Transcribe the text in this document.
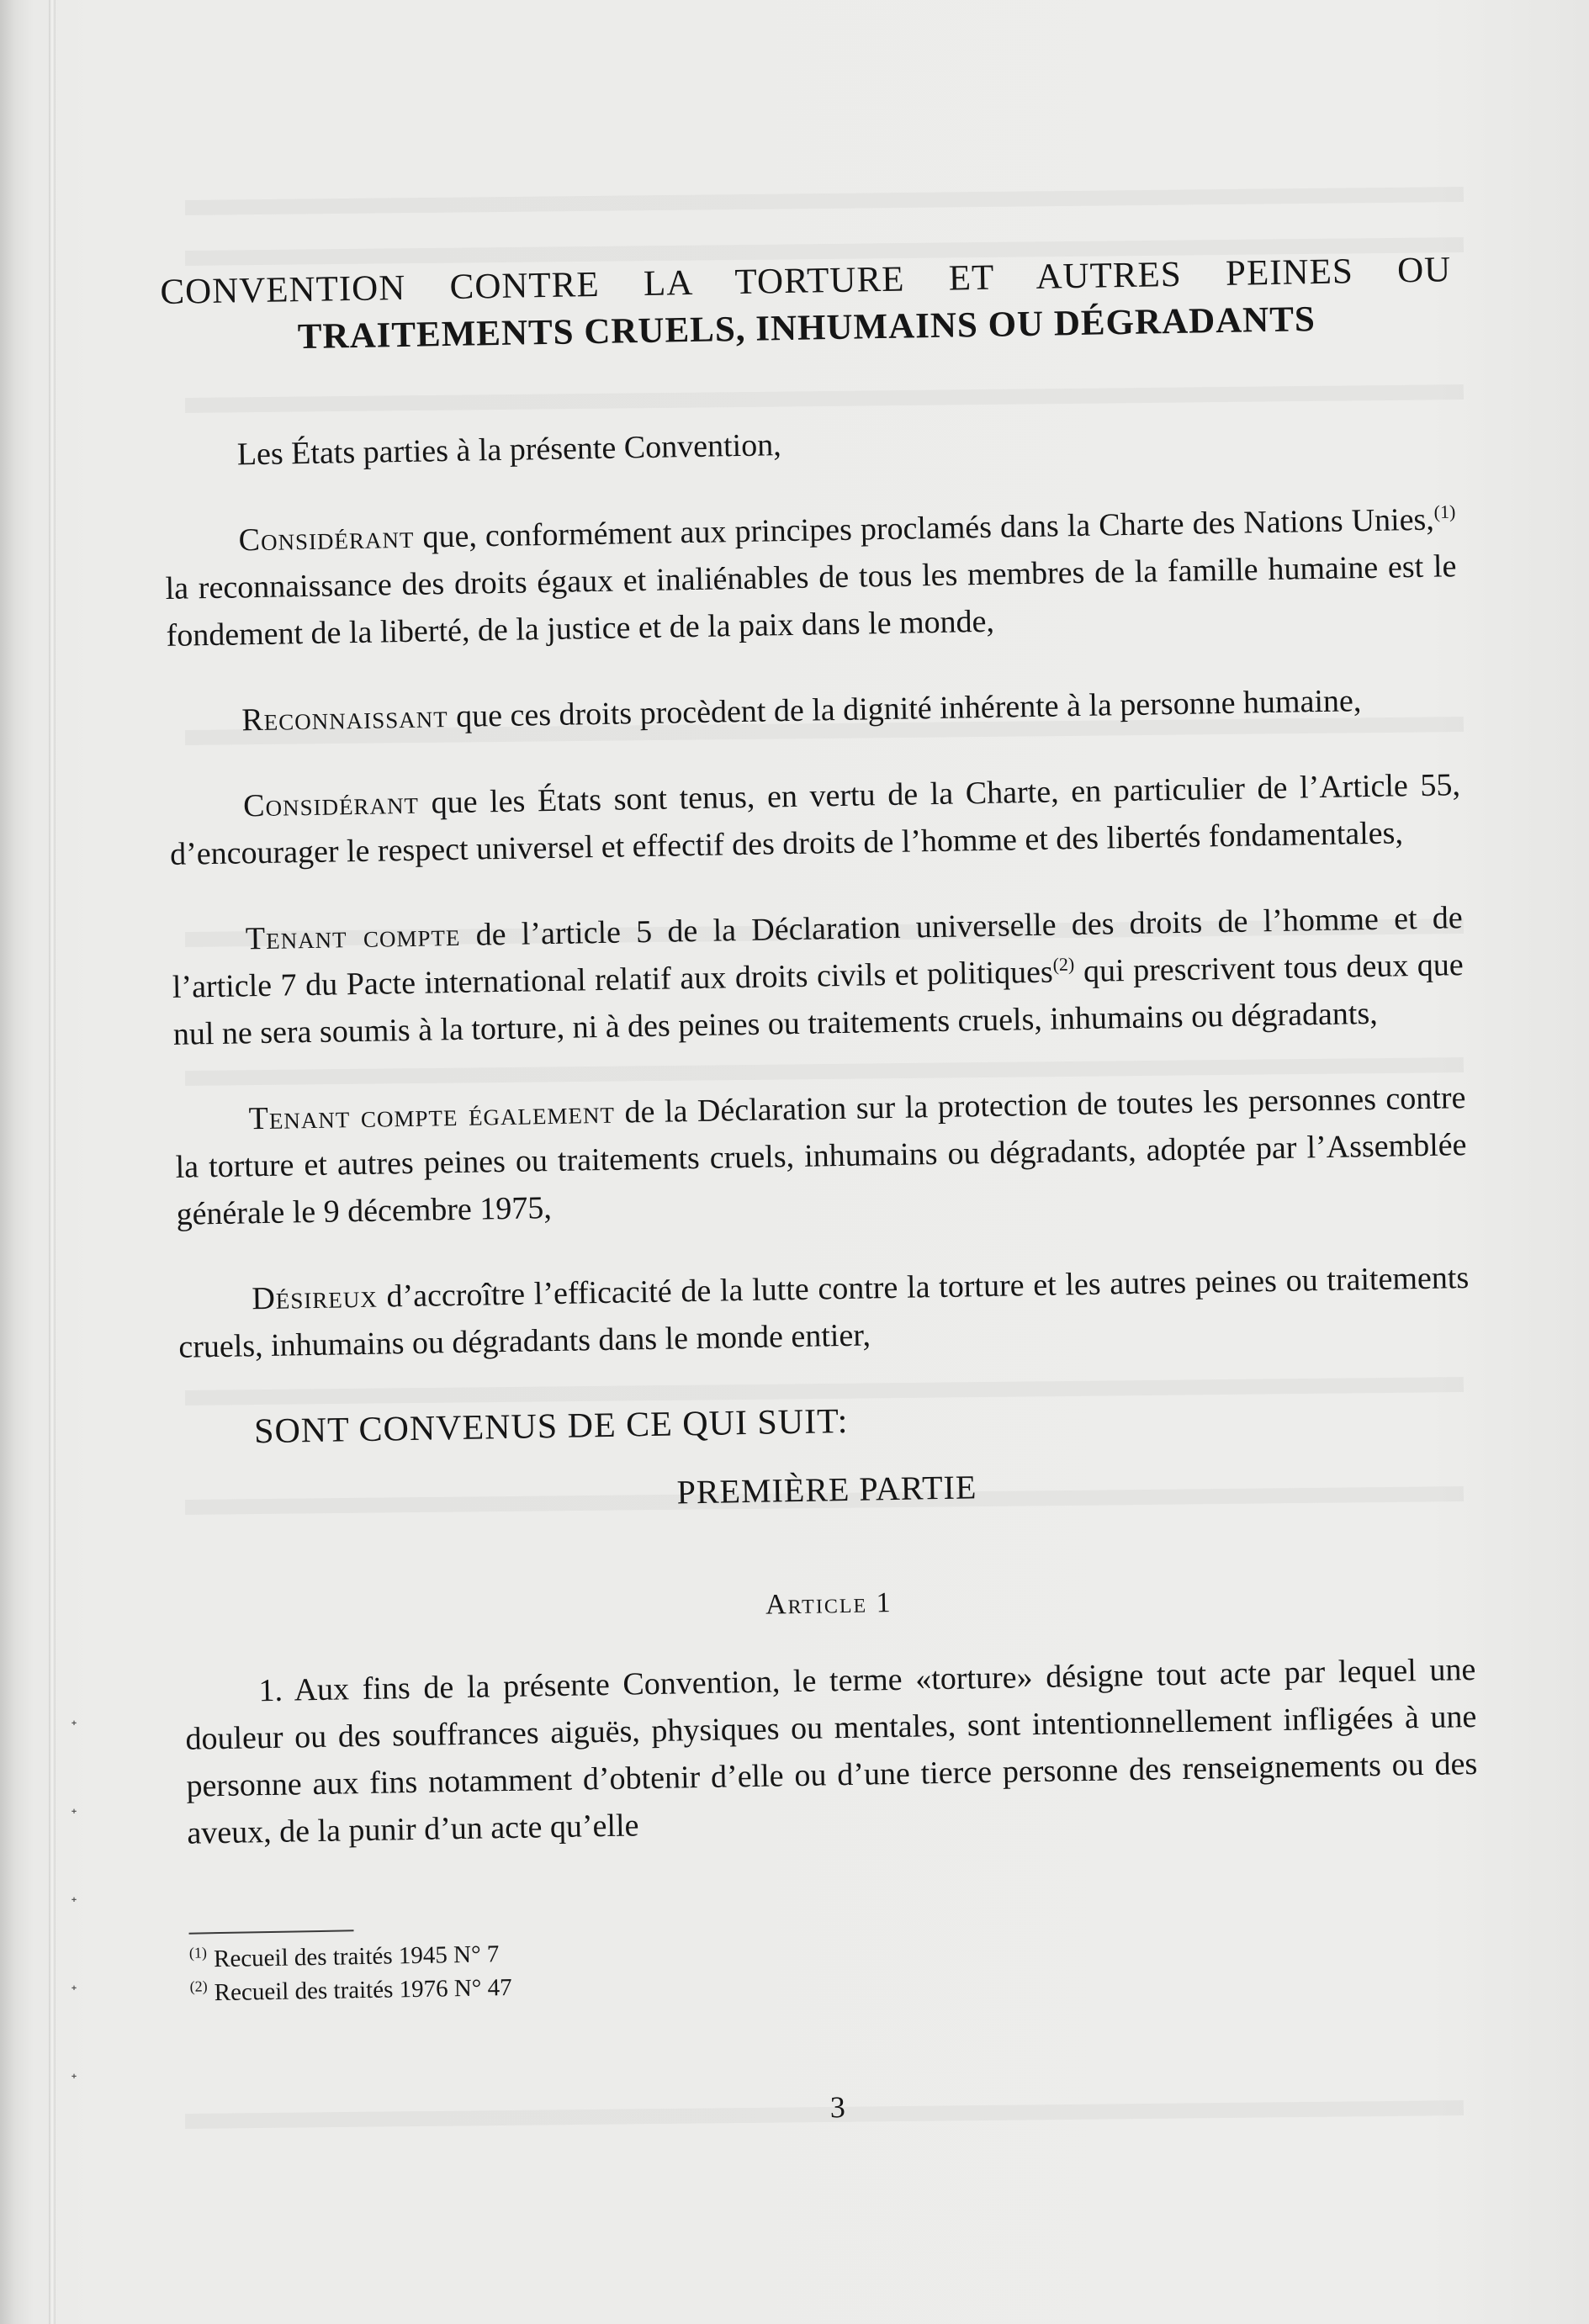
ᐩ
ᐩ
ᐩ
ᐩ
ᐩ
CONVENTION CONTRE LA TORTURE ET AUTRES PEINES OU
TRAITEMENTS CRUELS, INHUMAINS OU DÉGRADANTS

Les États parties à la présente Convention,

Considérant que, conformément aux principes proclamés dans la Charte des Nations Unies,$^{(1)}$ la reconnaissance des droits égaux et inaliénables de tous les membres de la famille humaine est le fondement de la liberté, de la justice et de la paix dans le monde,

Reconnaissant que ces droits procèdent de la dignité inhérente à la personne humaine,

Considérant que les États sont tenus, en vertu de la Charte, en particulier de l’Article 55, d’encourager le respect universel et effectif des droits de l’homme et des libertés fondamentales,

Tenant compte de l’article 5 de la Déclaration universelle des droits de l’homme et de l’article 7 du Pacte international relatif aux droits civils et politiques$^{(2)}$ qui prescrivent tous deux que nul ne sera soumis à la torture, ni à des peines ou traitements cruels, inhumains ou dégradants,

Tenant compte également de la Déclaration sur la protection de toutes les personnes contre la torture et autres peines ou traitements cruels, inhumains ou dégradants, adoptée par l’Assemblée générale le 9 décembre 1975,

Désireux d’accroître l’efficacité de la lutte contre la torture et les autres peines ou traitements cruels, inhumains ou dégradants dans le monde entier,

SONT CONVENUS DE CE QUI SUIT:

PREMIÈRE PARTIE

Article 1

1. Aux fins de la présente Convention, le terme «torture» désigne tout acte par lequel une douleur ou des souffrances aiguës, physiques ou mentales, sont intentionnellement infligées à une personne aux fins notamment d’obtenir d’elle ou d’une tierce personne des renseignements ou des aveux, de la punir d’un acte qu’elle

$^{(1)}$ Recueil des traités 1945 N° 7

$^{(2)}$ Recueil des traités 1976 N° 47

3
